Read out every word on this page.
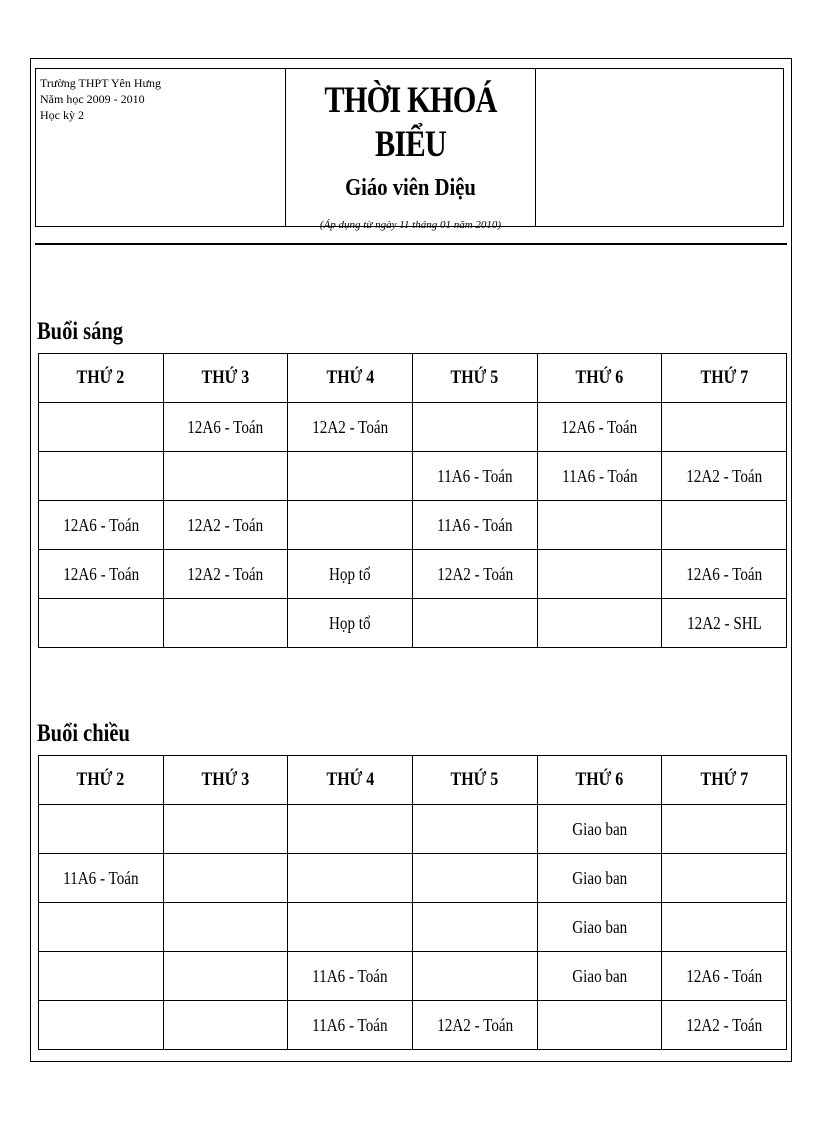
Trường THPT Yên Hưng
Năm học 2009 - 2010
Học kỳ 2	THỜI KHOÁ BIỂU
Giáo viên Diệu
(Áp dụng từ ngày 11 tháng 01 năm 2010)
Buổi sáng
THỨ 2	THỨ 3	THỨ 4	THỨ 5	THỨ 6	THỨ 7
	12A6 - Toán	12A2 - Toán		12A6 - Toán	
			11A6 - Toán	11A6 - Toán	12A2 - Toán
12A6 - Toán	12A2 - Toán		11A6 - Toán		
12A6 - Toán	12A2 - Toán	Họp tổ	12A2 - Toán		12A6 - Toán
		Họp tổ			12A2 - SHL
Buổi chiều
THỨ 2	THỨ 3	THỨ 4	THỨ 5	THỨ 6	THỨ 7
				Giao ban	
11A6 - Toán				Giao ban	
				Giao ban	
		11A6 - Toán		Giao ban	12A6 - Toán
		11A6 - Toán	12A2 - Toán		12A2 - Toán
